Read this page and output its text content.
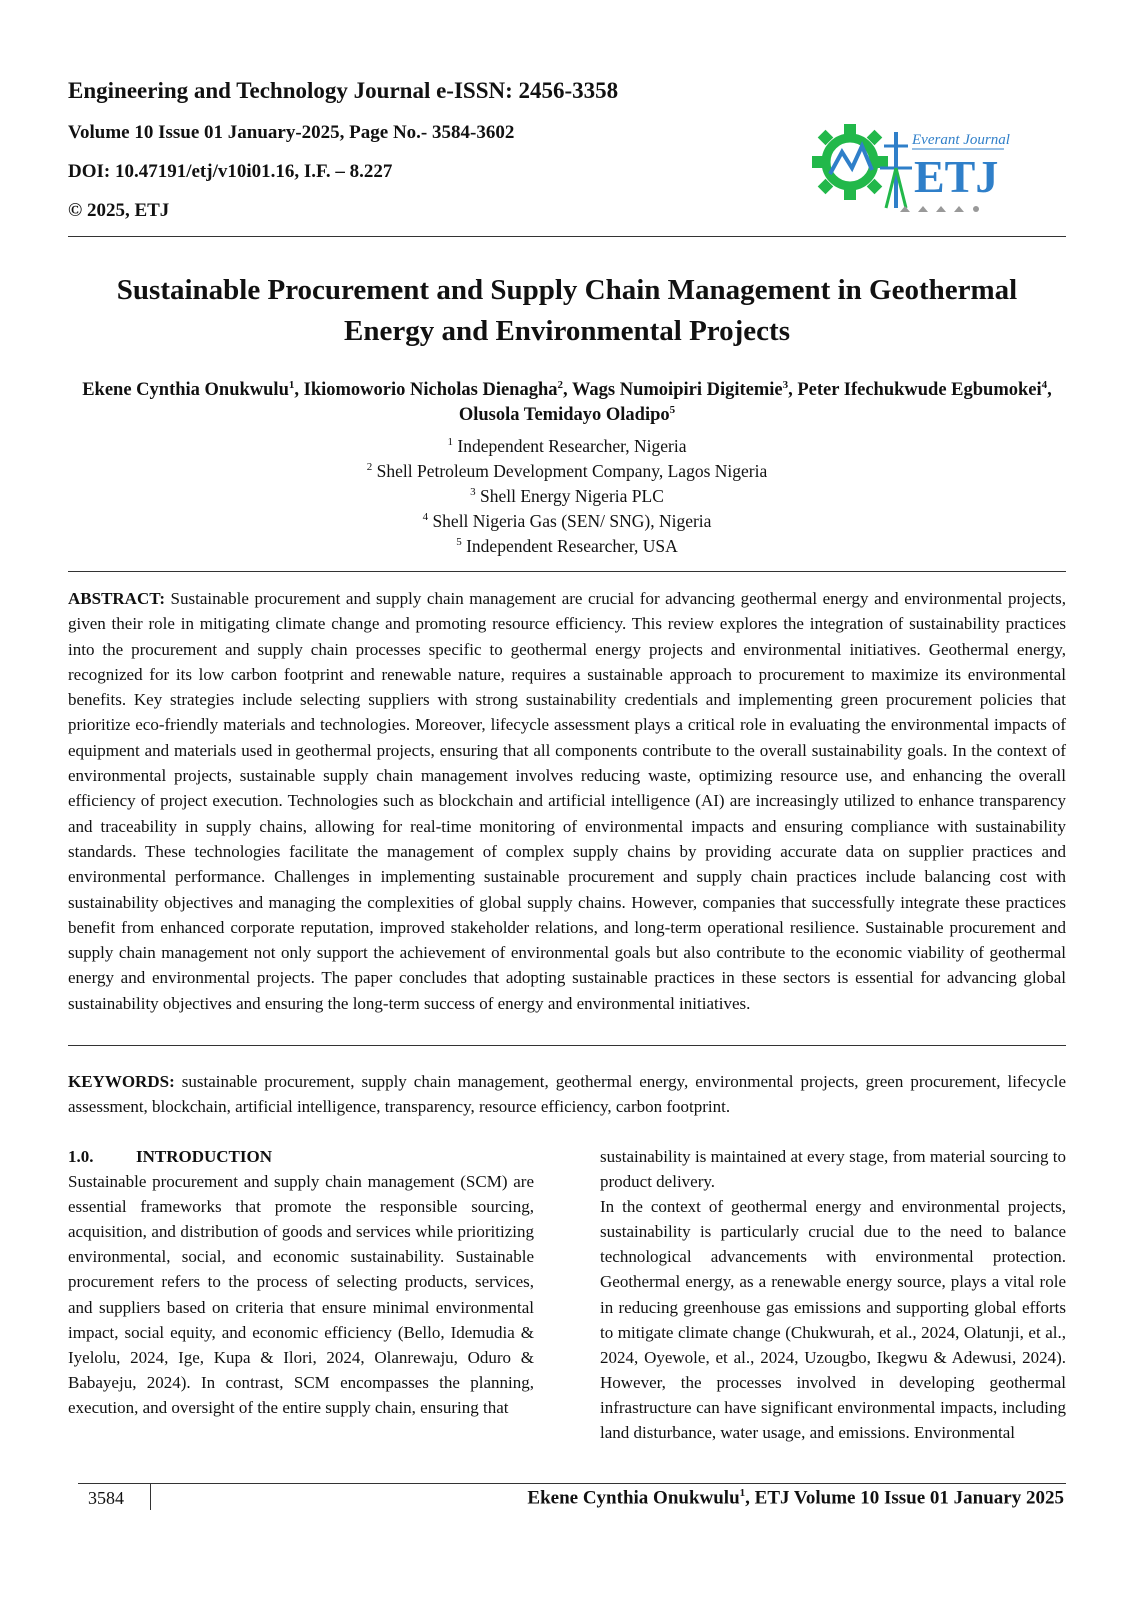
Engineering and Technology Journal e-ISSN: 2456-3358
Volume 10 Issue 01 January-2025, Page No.- 3584-3602
DOI: 10.47191/etj/v10i01.16, I.F. – 8.227
© 2025, ETJ
Everant Journal
ETJ
Sustainable Procurement and Supply Chain Management in Geothermal
Energy and Environmental Projects
Ekene Cynthia Onukwulu$^1$, Ikiomoworio Nicholas Dienagha$^2$, Wags Numoipiri Digitemie$^3$, Peter Ifechukwude Egbumokei$^4$, Olusola Temidayo Oladipo$^5$
$^1$ Independent Researcher, Nigeria
$^2$ Shell Petroleum Development Company, Lagos Nigeria
$^3$ Shell Energy Nigeria PLC
$^4$ Shell Nigeria Gas (SEN/ SNG), Nigeria
$^5$ Independent Researcher, USA
ABSTRACT: Sustainable procurement and supply chain management are crucial for advancing geothermal energy and environmental projects, given their role in mitigating climate change and promoting resource efficiency. This review explores the integration of sustainability practices into the procurement and supply chain processes specific to geothermal energy projects and environmental initiatives. Geothermal energy, recognized for its low carbon footprint and renewable nature, requires a sustainable approach to procurement to maximize its environmental benefits. Key strategies include selecting suppliers with strong sustainability credentials and implementing green procurement policies that prioritize eco-friendly materials and technologies. Moreover, lifecycle assessment plays a critical role in evaluating the environmental impacts of equipment and materials used in geothermal projects, ensuring that all components contribute to the overall sustainability goals. In the context of environmental projects, sustainable supply chain management involves reducing waste, optimizing resource use, and enhancing the overall efficiency of project execution. Technologies such as blockchain and artificial intelligence (AI) are increasingly utilized to enhance transparency and traceability in supply chains, allowing for real-time monitoring of environmental impacts and ensuring compliance with sustainability standards. These technologies facilitate the management of complex supply chains by providing accurate data on supplier practices and environmental performance. Challenges in implementing sustainable procurement and supply chain practices include balancing cost with sustainability objectives and managing the complexities of global supply chains. However, companies that successfully integrate these practices benefit from enhanced corporate reputation, improved stakeholder relations, and long-term operational resilience. Sustainable procurement and supply chain management not only support the achievement of environmental goals but also contribute to the economic viability of geothermal energy and environmental projects. The paper concludes that adopting sustainable practices in these sectors is essential for advancing global sustainability objectives and ensuring the long-term success of energy and environmental initiatives.
KEYWORDS: sustainable procurement, supply chain management, geothermal energy, environmental projects, green procurement, lifecycle assessment, blockchain, artificial intelligence, transparency, resource efficiency, carbon footprint.
1.0.	INTRODUCTION

Sustainable procurement and supply chain management (SCM) are essential frameworks that promote the responsible sourcing, acquisition, and distribution of goods and services while prioritizing environmental, social, and economic sustainability. Sustainable procurement refers to the process of selecting products, services, and suppliers based on criteria that ensure minimal environmental impact, social equity, and economic efficiency (Bello, Idemudia & Iyelolu, 2024, Ige, Kupa & Ilori, 2024, Olanrewaju, Oduro & Babayeju, 2024). In contrast, SCM encompasses the planning, execution, and oversight of the entire supply chain, ensuring that

sustainability is maintained at every stage, from material sourcing to product delivery.

In the context of geothermal energy and environmental projects, sustainability is particularly crucial due to the need to balance technological advancements with environmental protection. Geothermal energy, as a renewable energy source, plays a vital role in reducing greenhouse gas emissions and supporting global efforts to mitigate climate change (Chukwurah, et al., 2024, Olatunji, et al., 2024, Oyewole, et al., 2024, Uzougbo, Ikegwu & Adewusi, 2024). However, the processes involved in developing geothermal infrastructure can have significant environmental impacts, including land disturbance, water usage, and emissions. Environmental

3584	Ekene Cynthia Onukwulu$^1$, ETJ Volume 10 Issue 01 January 2025
